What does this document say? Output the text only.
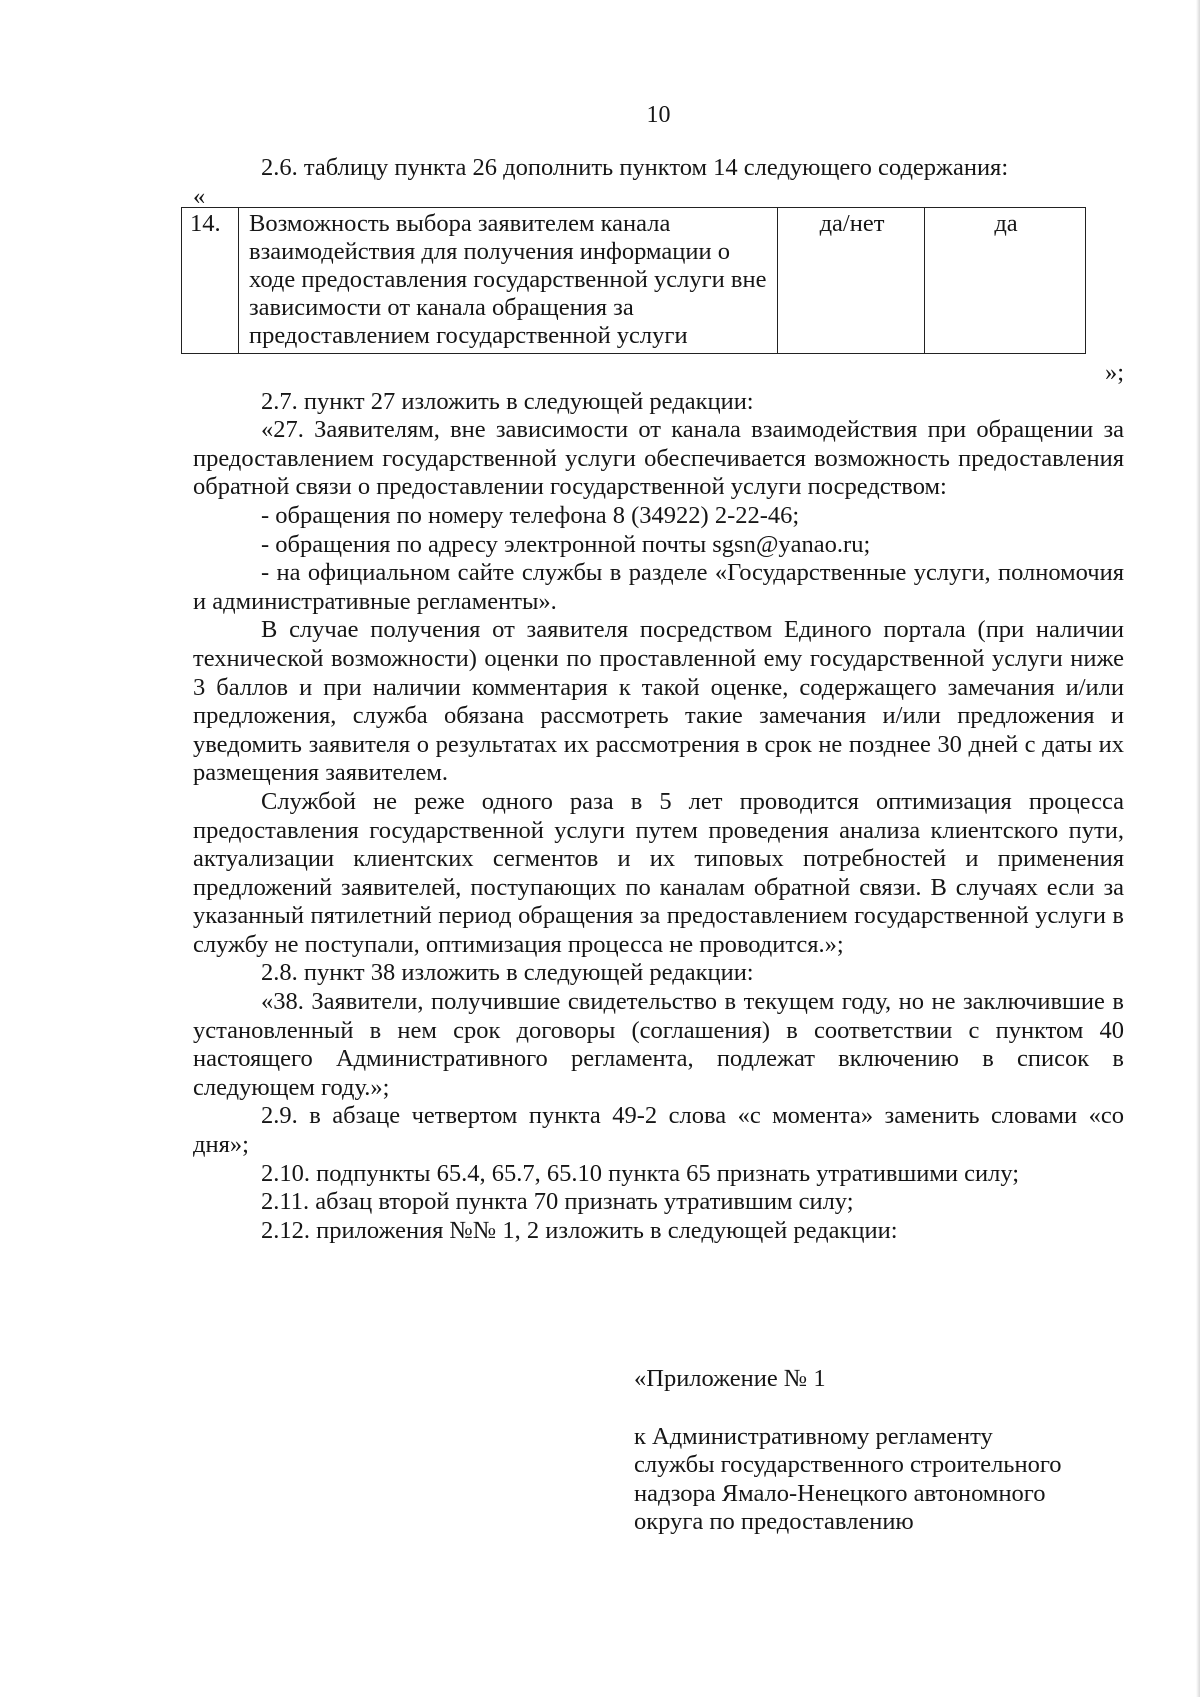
10

2.6. таблицу пункта 26 дополнить пунктом 14 следующего содержания:

«
14.	Возможность выбора заявителем канала взаимодействия для получения информации о ходе предоставления государственной услуги вне зависимости от канала обращения за предоставлением государственной услуги	да/нет	да
»;

2.7. пункт 27 изложить в следующей редакции:

«27. Заявителям, вне зависимости от канала взаимодействия при обращении за предоставлением государственной услуги обеспечивается возможность предоставления обратной связи о предоставлении государственной услуги посредством:

- обращения по номеру телефона 8 (34922) 2-22-46;

- обращения по адресу электронной почты sgsn@yanao.ru;

- на официальном сайте службы в разделе «Государственные услуги, полномочия и административные регламенты».

В случае получения от заявителя посредством Единого портала (при наличии технической возможности) оценки по проставленной ему государственной услуги ниже 3 баллов и при наличии комментария к такой оценке, содержащего замечания и/или предложения, служба обязана рассмотреть такие замечания и/или предложения и уведомить заявителя о результатах их рассмотрения в срок не позднее 30 дней с даты их размещения заявителем.

Службой не реже одного раза в 5 лет проводится оптимизация процесса предоставления государственной услуги путем проведения анализа клиентского пути, актуализации клиентских сегментов и их типовых потребностей и применения предложений заявителей, поступающих по каналам обратной связи. В случаях если за указанный пятилетний период обращения за предоставлением государственной услуги в службу не поступали, оптимизация процесса не проводится.»;

2.8. пункт 38 изложить в следующей редакции:

«38. Заявители, получившие свидетельство в текущем году, но не заключившие в установленный в нем срок договоры (соглашения) в соответствии с пунктом 40 настоящего Административного регламента, подлежат включению в список в следующем году.»;

2.9. в абзаце четвертом пункта 49-2 слова «с момента» заменить словами «со дня»;

2.10. подпункты 65.4, 65.7, 65.10 пункта 65 признать утратившими силу;

2.11. абзац второй пункта 70 признать утратившим силу;

2.12. приложения №№ 1, 2 изложить в следующей редакции:

«Приложение № 1
к Административному регламенту
службы государственного строительного
надзора Ямало-Ненецкого автономного
округа по предоставлению
